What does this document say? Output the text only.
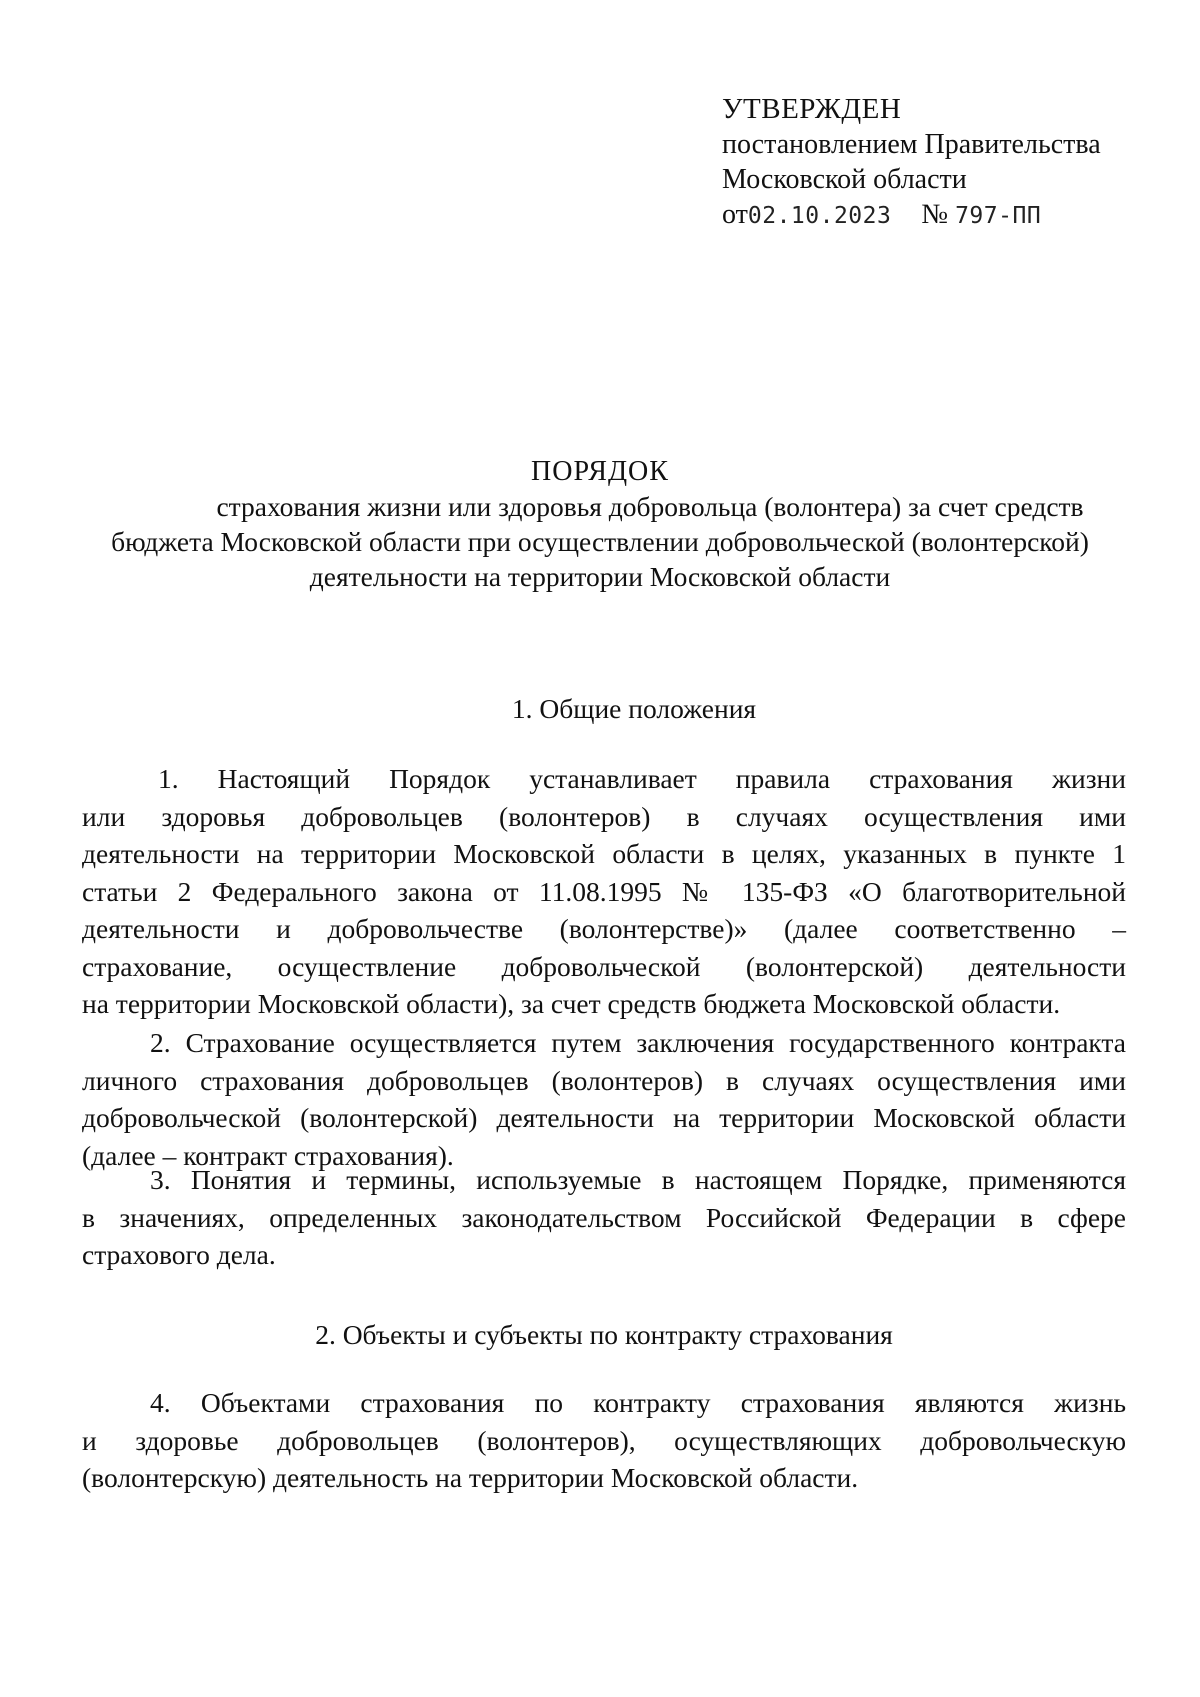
УТВЕРЖДЕН
постановлением Правительства
Московской области
от02.10.2023 № 797-ПП
ПОРЯДОК
страхования жизни или здоровья добровольца (волонтера) за счет средств
бюджета Московской области при осуществлении добровольческой (волонтерской)
деятельности на территории Московской области
1. Общие положения
1. Настоящий Порядок устанавливает правила страхования жизни
или здоровья добровольцев (волонтеров) в случаях осуществления ими
деятельности на территории Московской области в целях, указанных в пункте 1
статьи 2 Федерального закона от 11.08.1995 № 135-ФЗ «О благотворительной
деятельности и добровольчестве (волонтерстве)» (далее соответственно –
страхование, осуществление добровольческой (волонтерской) деятельности
на территории Московской области), за счет средств бюджета Московской области.
2. Страхование осуществляется путем заключения государственного контракта
личного страхования добровольцев (волонтеров) в случаях осуществления ими
добровольческой (волонтерской) деятельности на территории Московской области
(далее – контракт страхования).
3. Понятия и термины, используемые в настоящем Порядке, применяются
в значениях, определенных законодательством Российской Федерации в сфере
страхового дела.
2. Объекты и субъекты по контракту страхования
4. Объектами страхования по контракту страхования являются жизнь
и здоровье добровольцев (волонтеров), осуществляющих добровольческую
(волонтерскую) деятельность на территории Московской области.
